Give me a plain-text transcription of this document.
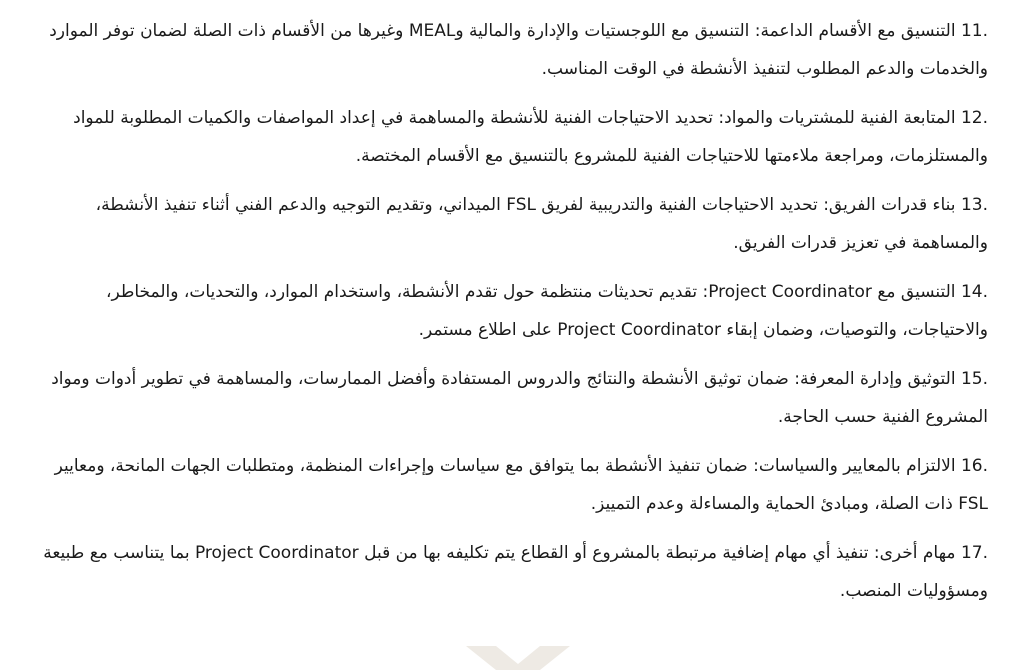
11. التنسيق مع الأقسام الداعمة: التنسيق مع اللوجستيات والإدارة والمالية وMEAL وغيرها من الأقسام ذات الصلة لضمان توفر الموارد والخدمات والدعم المطلوب لتنفيذ الأنشطة في الوقت المناسب.

12. المتابعة الفنية للمشتريات والمواد: تحديد الاحتياجات الفنية للأنشطة والمساهمة في إعداد المواصفات والكميات المطلوبة للمواد والمستلزمات، ومراجعة ملاءمتها للاحتياجات الفنية للمشروع بالتنسيق مع الأقسام المختصة.

13. بناء قدرات الفريق: تحديد الاحتياجات الفنية والتدريبية لفريق FSL الميداني، وتقديم التوجيه والدعم الفني أثناء تنفيذ الأنشطة، والمساهمة في تعزيز قدرات الفريق.

14. التنسيق مع Project Coordinator: تقديم تحديثات منتظمة حول تقدم الأنشطة، واستخدام الموارد، والتحديات، والمخاطر، والاحتياجات، والتوصيات، وضمان إبقاء Project Coordinator على اطلاع مستمر.

15. التوثيق وإدارة المعرفة: ضمان توثيق الأنشطة والنتائج والدروس المستفادة وأفضل الممارسات، والمساهمة في تطوير أدوات ومواد المشروع الفنية حسب الحاجة.

16. الالتزام بالمعايير والسياسات: ضمان تنفيذ الأنشطة بما يتوافق مع سياسات وإجراءات المنظمة، ومتطلبات الجهات المانحة، ومعايير FSL ذات الصلة، ومبادئ الحماية والمساءلة وعدم التمييز.

17. مهام أخرى: تنفيذ أي مهام إضافية مرتبطة بالمشروع أو القطاع يتم تكليفه بها من قبل Project Coordinator بما يتناسب مع طبيعة ومسؤوليات المنصب.
